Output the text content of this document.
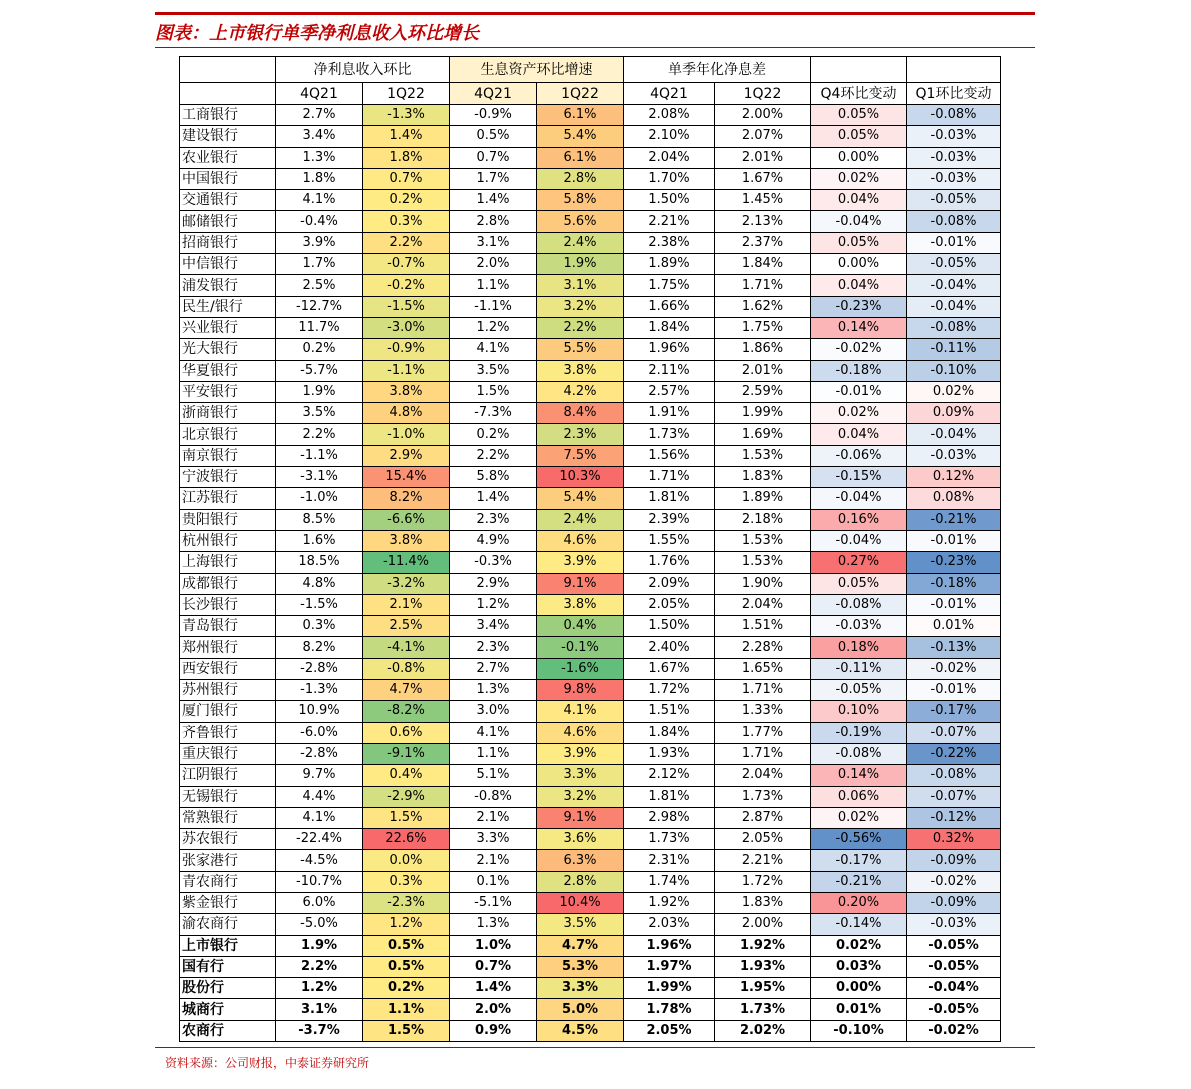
图表：上市银行单季净利息收入环比增长
	净利息收入环比		生息资产环比增速		单季年化净息差			
	4Q21	1Q22	4Q21	1Q22	4Q21	1Q22	Q4环比变动	Q1环比变动
工商银行	2.7%	-1.3%	-0.9%	6.1%	2.08%	2.00%	0.05%	-0.08%
建设银行	3.4%	1.4%	0.5%	5.4%	2.10%	2.07%	0.05%	-0.03%
农业银行	1.3%	1.8%	0.7%	6.1%	2.04%	2.01%	0.00%	-0.03%
中国银行	1.8%	0.7%	1.7%	2.8%	1.70%	1.67%	0.02%	-0.03%
交通银行	4.1%	0.2%	1.4%	5.8%	1.50%	1.45%	0.04%	-0.05%
邮储银行	-0.4%	0.3%	2.8%	5.6%	2.21%	2.13%	-0.04%	-0.08%
招商银行	3.9%	2.2%	3.1%	2.4%	2.38%	2.37%	0.05%	-0.01%
中信银行	1.7%	-0.7%	2.0%	1.9%	1.89%	1.84%	0.00%	-0.05%
浦发银行	2.5%	-0.2%	1.1%	3.1%	1.75%	1.71%	0.04%	-0.04%
民生/银行	-12.7%	-1.5%	-1.1%	3.2%	1.66%	1.62%	-0.23%	-0.04%
兴业银行	11.7%	-3.0%	1.2%	2.2%	1.84%	1.75%	0.14%	-0.08%
光大银行	0.2%	-0.9%	4.1%	5.5%	1.96%	1.86%	-0.02%	-0.11%
华夏银行	-5.7%	-1.1%	3.5%	3.8%	2.11%	2.01%	-0.18%	-0.10%
平安银行	1.9%	3.8%	1.5%	4.2%	2.57%	2.59%	-0.01%	0.02%
浙商银行	3.5%	4.8%	-7.3%	8.4%	1.91%	1.99%	0.02%	0.09%
北京银行	2.2%	-1.0%	0.2%	2.3%	1.73%	1.69%	0.04%	-0.04%
南京银行	-1.1%	2.9%	2.2%	7.5%	1.56%	1.53%	-0.06%	-0.03%
宁波银行	-3.1%	15.4%	5.8%	10.3%	1.71%	1.83%	-0.15%	0.12%
江苏银行	-1.0%	8.2%	1.4%	5.4%	1.81%	1.89%	-0.04%	0.08%
贵阳银行	8.5%	-6.6%	2.3%	2.4%	2.39%	2.18%	0.16%	-0.21%
杭州银行	1.6%	3.8%	4.9%	4.6%	1.55%	1.53%	-0.04%	-0.01%
上海银行	18.5%	-11.4%	-0.3%	3.9%	1.76%	1.53%	0.27%	-0.23%
成都银行	4.8%	-3.2%	2.9%	9.1%	2.09%	1.90%	0.05%	-0.18%
长沙银行	-1.5%	2.1%	1.2%	3.8%	2.05%	2.04%	-0.08%	-0.01%
青岛银行	0.3%	2.5%	3.4%	0.4%	1.50%	1.51%	-0.03%	0.01%
郑州银行	8.2%	-4.1%	2.3%	-0.1%	2.40%	2.28%	0.18%	-0.13%
西安银行	-2.8%	-0.8%	2.7%	-1.6%	1.67%	1.65%	-0.11%	-0.02%
苏州银行	-1.3%	4.7%	1.3%	9.8%	1.72%	1.71%	-0.05%	-0.01%
厦门银行	10.9%	-8.2%	3.0%	4.1%	1.51%	1.33%	0.10%	-0.17%
齐鲁银行	-6.0%	0.6%	4.1%	4.6%	1.84%	1.77%	-0.19%	-0.07%
重庆银行	-2.8%	-9.1%	1.1%	3.9%	1.93%	1.71%	-0.08%	-0.22%
江阴银行	9.7%	0.4%	5.1%	3.3%	2.12%	2.04%	0.14%	-0.08%
无锡银行	4.4%	-2.9%	-0.8%	3.2%	1.81%	1.73%	0.06%	-0.07%
常熟银行	4.1%	1.5%	2.1%	9.1%	2.98%	2.87%	0.02%	-0.12%
苏农银行	-22.4%	22.6%	3.3%	3.6%	1.73%	2.05%	-0.56%	0.32%
张家港行	-4.5%	0.0%	2.1%	6.3%	2.31%	2.21%	-0.17%	-0.09%
青农商行	-10.7%	0.3%	0.1%	2.8%	1.74%	1.72%	-0.21%	-0.02%
紫金银行	6.0%	-2.3%	-5.1%	10.4%	1.92%	1.83%	0.20%	-0.09%
渝农商行	-5.0%	1.2%	1.3%	3.5%	2.03%	2.00%	-0.14%	-0.03%
上市银行	1.9%	0.5%	1.0%	4.7%	1.96%	1.92%	0.02%	-0.05%
国有行	2.2%	0.5%	0.7%	5.3%	1.97%	1.93%	0.03%	-0.05%
股份行	1.2%	0.2%	1.4%	3.3%	1.99%	1.95%	0.00%	-0.04%
城商行	3.1%	1.1%	2.0%	5.0%	1.78%	1.73%	0.01%	-0.05%
农商行	-3.7%	1.5%	0.9%	4.5%	2.05%	2.02%	-0.10%	-0.02%
资料来源：公司财报，中泰证券研究所
